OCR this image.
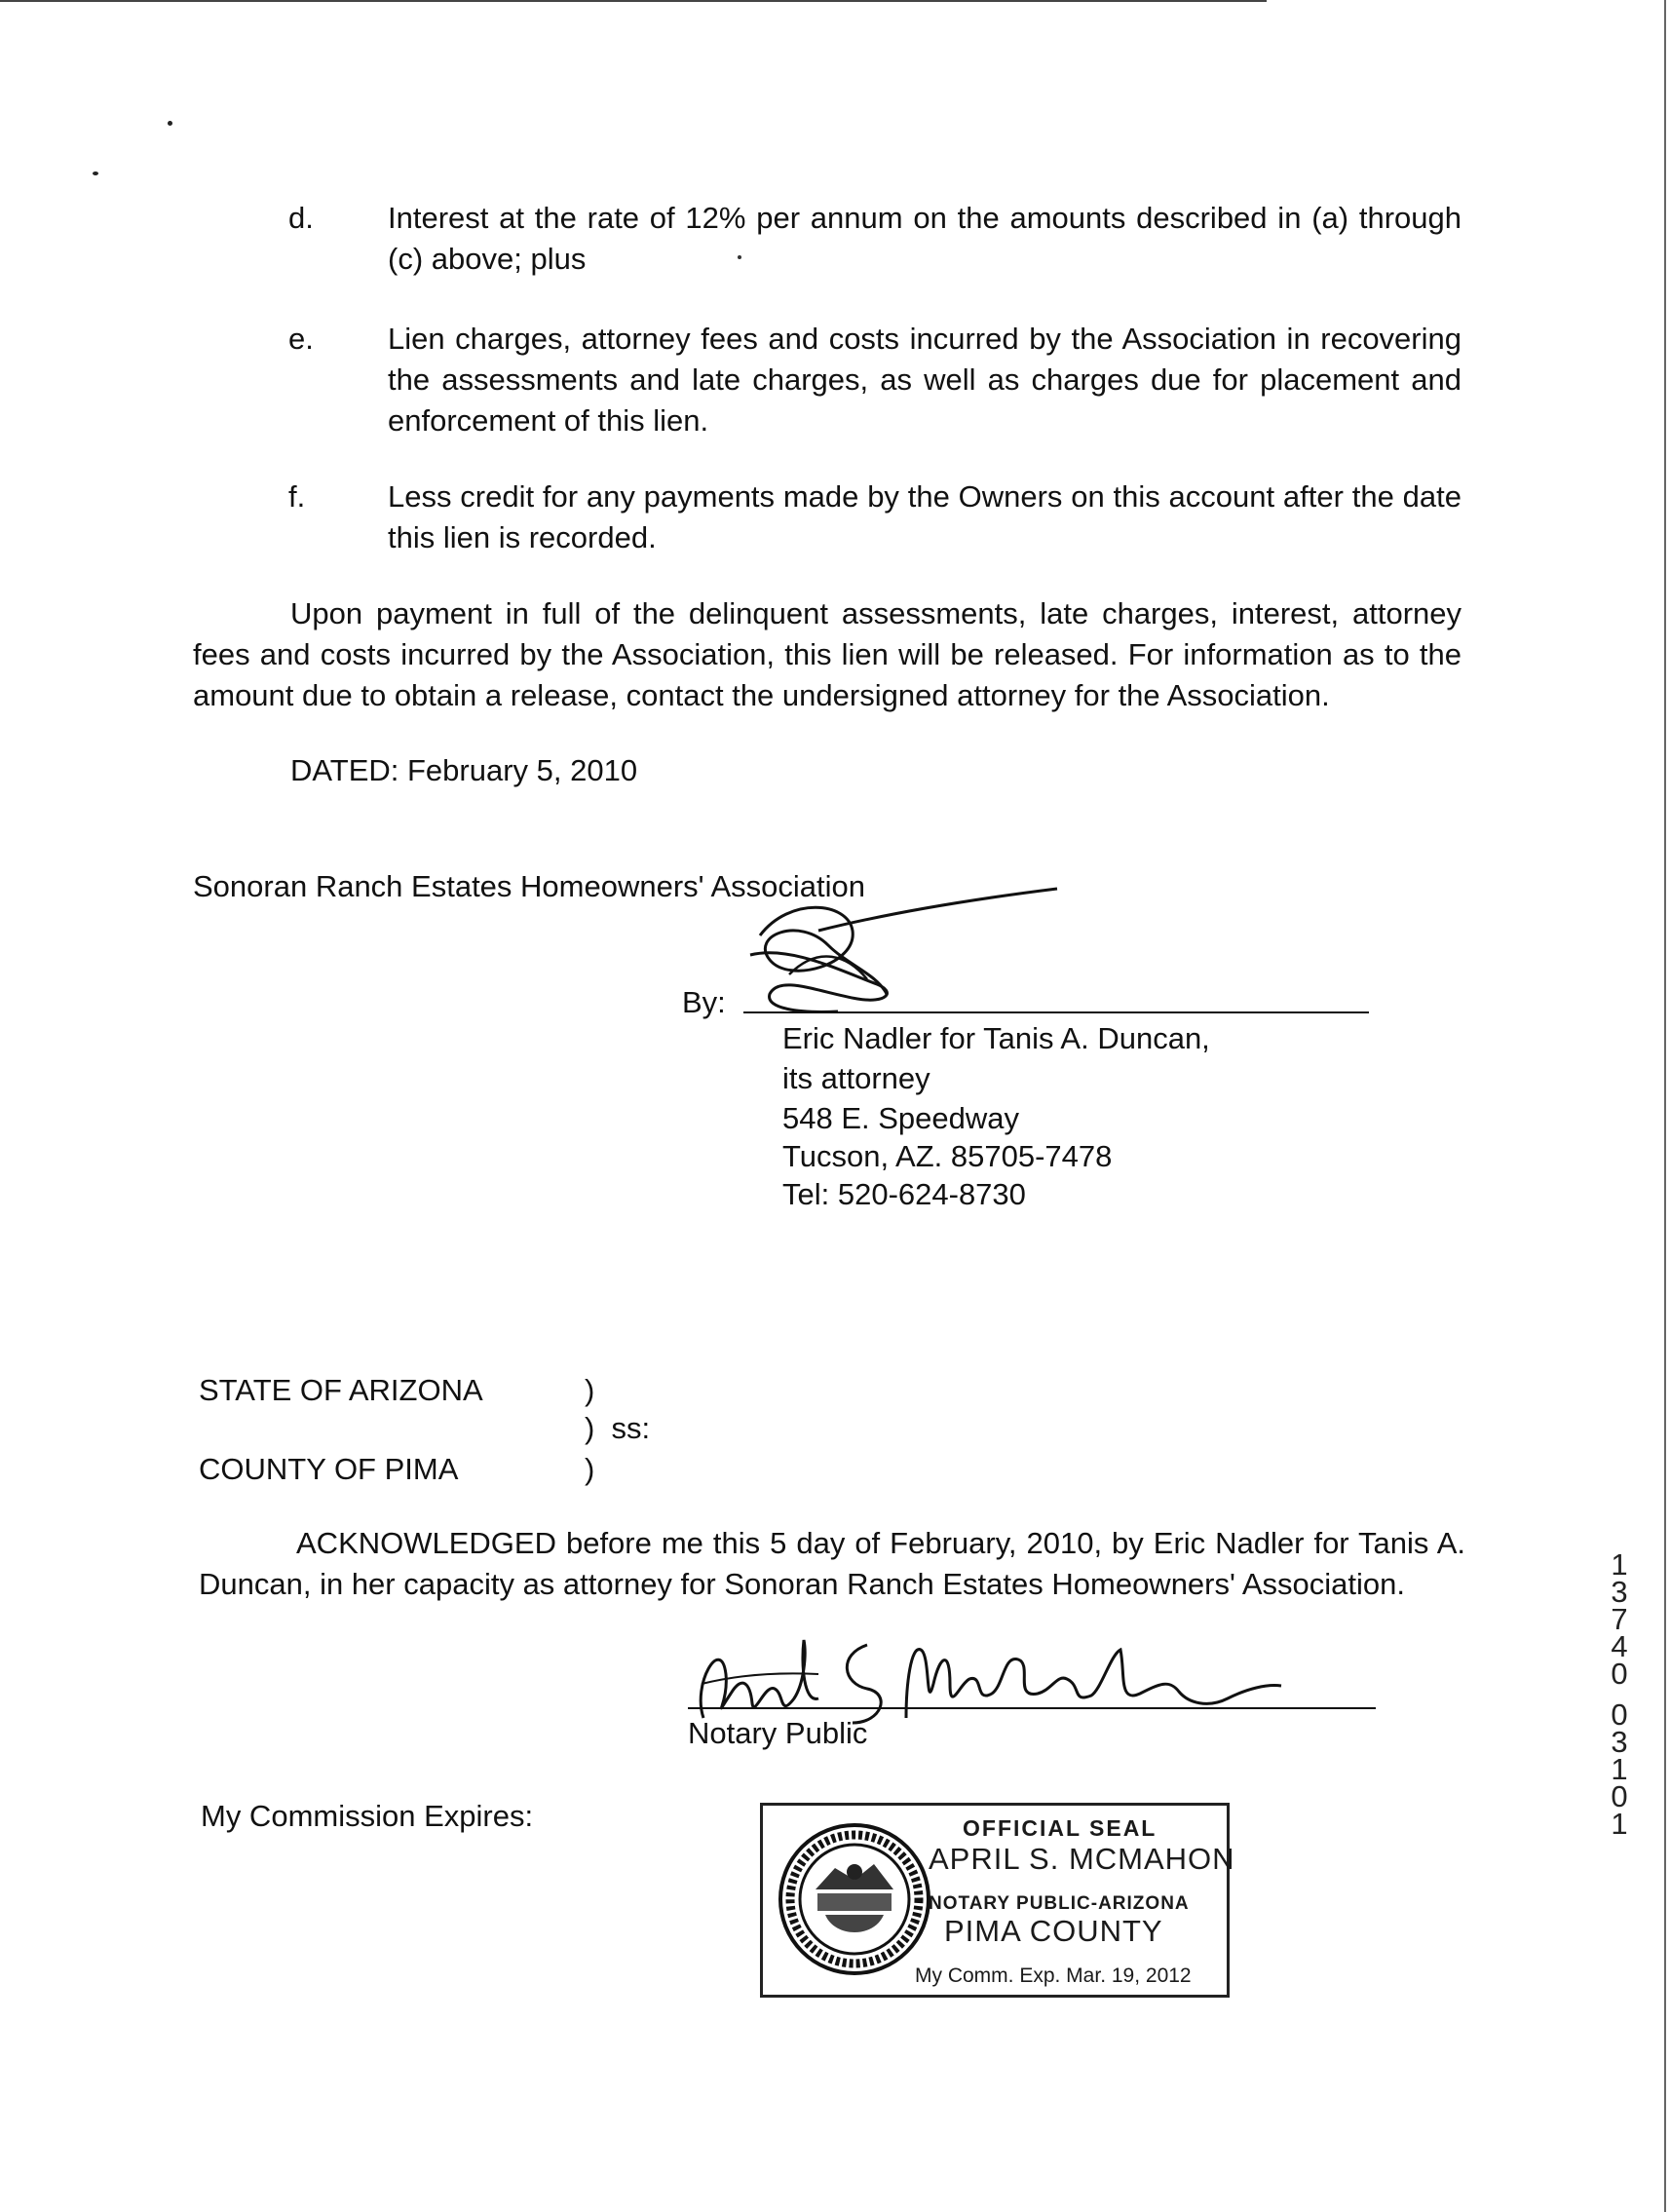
d. Interest at the rate of 12% per annum on the amounts described in (a) through (c) above; plus
e. Lien charges, attorney fees and costs incurred by the Association in recovering the assessments and late charges, as well as charges due for placement and enforcement of this lien.
f.	Less credit for any payments made by the Owners on this account after the date this lien is recorded.
Upon payment in full of the delinquent assessments, late charges, interest, attorney fees and costs incurred by the Association, this lien will be released. For information as to the amount due to obtain a release, contact the undersigned attorney for the Association.
DATED: February 5, 2010
Sonoran Ranch Estates Homeowners' Association
By:
Eric Nadler for Tanis A. Duncan,
its attorney
548 E. Speedway
Tucson, AZ. 85705-7478
Tel: 520-624-8730
STATE OF ARIZONA	)
)  ss:
COUNTY OF PIMA	)
ACKNOWLEDGED before me this 5 day of February, 2010, by Eric Nadler for Tanis A. Duncan, in her capacity as attorney for Sonoran Ranch Estates Homeowners' Association.
Notary Public
My Commission Expires:	OFFICIAL SEAL
APRIL S. MCMAHON
NOTARY PUBLIC-ARIZONA
PIMA COUNTY
My Comm. Exp. Mar. 19, 2012
1
3
7
4
0
0
3
1
0
1
